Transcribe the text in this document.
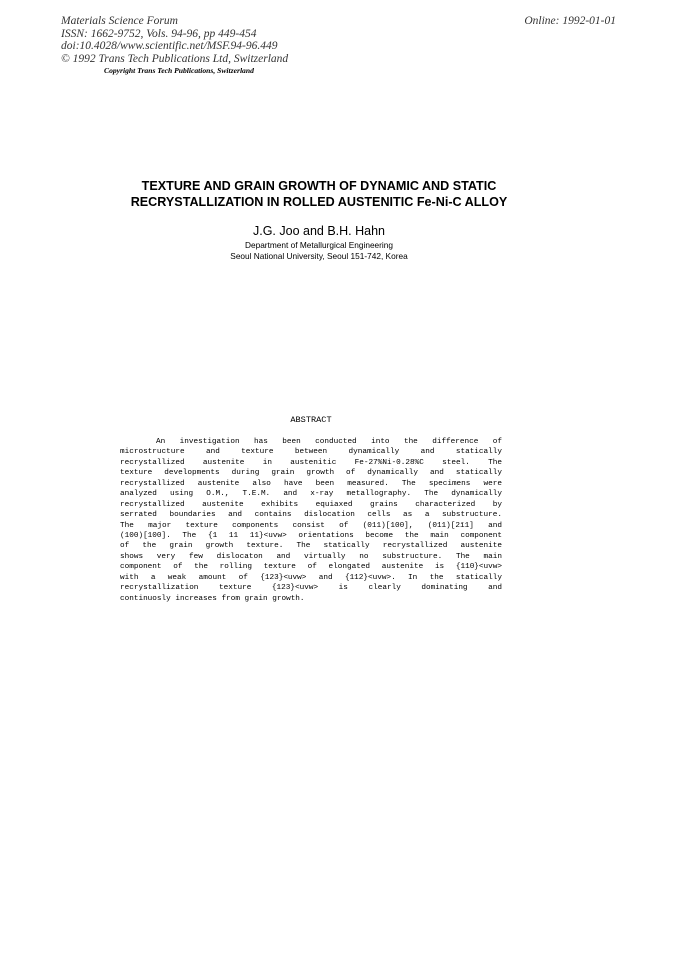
Materials Science Forum
ISSN: 1662-9752, Vols. 94-96, pp 449-454
doi:10.4028/www.scientific.net/MSF.94-96.449
© 1992 Trans Tech Publications Ltd, Switzerland
Online: 1992-01-01
Copyright Trans Tech Publications, Switzerland
TEXTURE AND GRAIN GROWTH OF DYNAMIC AND STATIC
RECRYSTALLIZATION IN ROLLED AUSTENITIC Fe-Ni-C ALLOY
J.G. Joo and B.H. Hahn
Department of Metallurgical Engineering
Seoul National University, Seoul 151-742, Korea
ABSTRACT
An investigation has been conducted into the difference of
microstructure and texture between dynamically and statically
recrystallized austenite in austenitic Fe-27%Ni-0.28%C steel. The
texture developments during grain growth of dynamically and statically
recrystallized austenite also have been measured. The specimens were
analyzed using O.M., T.E.M. and x-ray metallography. The dynamically
recrystallized austenite exhibits equiaxed grains characterized by
serrated boundaries and contains dislocation cells as a substructure.
The major texture components consist of (011)[100], (011)[2ī1] and
(100)[100]. The {1 11 11}<uvw> orientations become the main component
of the grain growth texture. The statically recrystallized austenite
shows very few dislocaton and virtually no substructure. The main
component of the rolling texture of elongated austenite is {110}<uvw>
with a weak amount of {123}<uvw> and {112}<uvw>. In the statically
recrystallization texture {123}<uvw> is clearly dominating and
continuosly increases from grain growth.
